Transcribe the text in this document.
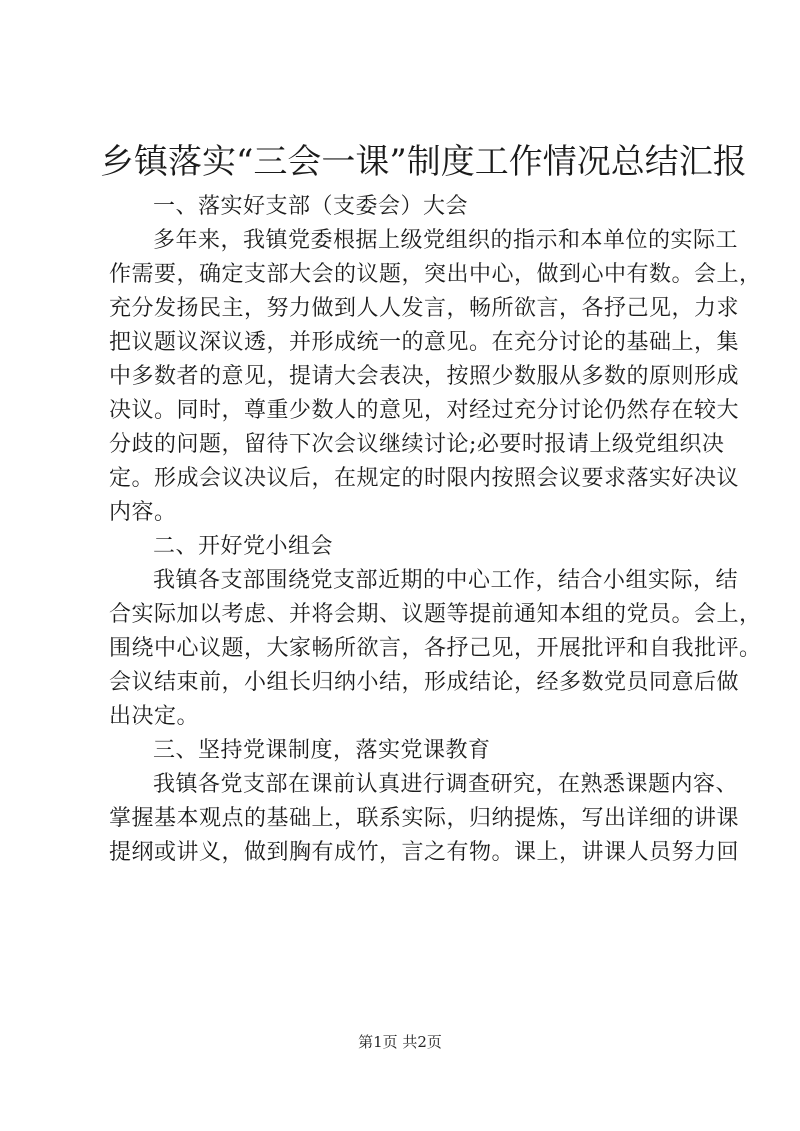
乡镇落实“三会一课”制度工作情况总结汇报
一、落实好支部（支委会）大会
多年来，我镇党委根据上级党组织的指示和本单位的实际工
作需要，确定支部大会的议题，突出中心，做到心中有数。会上，
充分发扬民主，努力做到人人发言，畅所欲言，各抒己见，力求
把议题议深议透，并形成统一的意见。在充分讨论的基础上，集
中多数者的意见，提请大会表决，按照少数服从多数的原则形成
决议。同时，尊重少数人的意见，对经过充分讨论仍然存在较大
分歧的问题，留待下次会议继续讨论;必要时报请上级党组织决
定。形成会议决议后，在规定的时限内按照会议要求落实好决议
内容。
二、开好党小组会
我镇各支部围绕党支部近期的中心工作，结合小组实际，结
合实际加以考虑、并将会期、议题等提前通知本组的党员。会上，
围绕中心议题，大家畅所欲言，各抒己见，开展批评和自我批评。
会议结束前，小组长归纳小结，形成结论，经多数党员同意后做
出决定。
三、坚持党课制度，落实党课教育
我镇各党支部在课前认真进行调查研究，在熟悉课题内容、
掌握基本观点的基础上，联系实际，归纳提炼，写出详细的讲课
提纲或讲义，做到胸有成竹，言之有物。课上，讲课人员努力回
第1页 共2页
